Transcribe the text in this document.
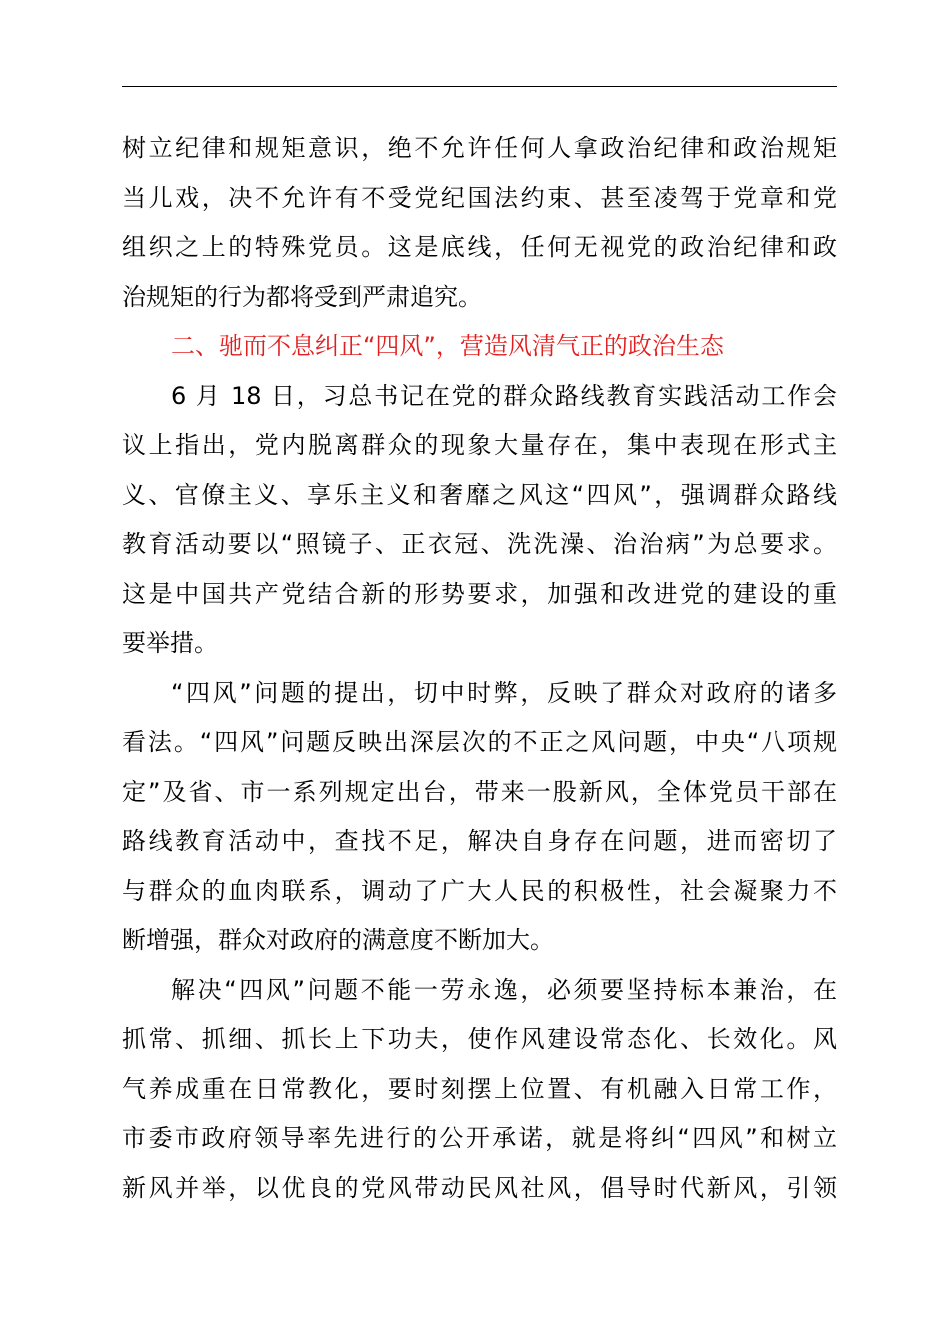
树立纪律和规矩意识，绝不允许任何人拿政治纪律和政治规矩
当儿戏，决不允许有不受党纪国法约束、甚至凌驾于党章和党
组织之上的特殊党员。这是底线，任何无视党的政治纪律和政
治规矩的行为都将受到严肃追究。
二、驰而不息纠正“四风”，营造风清气正的政治生态
6 月 18 日，习总书记在党的群众路线教育实践活动工作会
议上指出，党内脱离群众的现象大量存在，集中表现在形式主
义、官僚主义、享乐主义和奢靡之风这“四风”，强调群众路线
教育活动要以“照镜子、正衣冠、洗洗澡、治治病”为总要求。
这是中国共产党结合新的形势要求，加强和改进党的建设的重
要举措。
“四风”问题的提出，切中时弊，反映了群众对政府的诸多
看法。“四风”问题反映出深层次的不正之风问题，中央“八项规
定”及省、市一系列规定出台，带来一股新风，全体党员干部在
路线教育活动中，查找不足，解决自身存在问题，进而密切了
与群众的血肉联系，调动了广大人民的积极性，社会凝聚力不
断增强，群众对政府的满意度不断加大。
解决“四风”问题不能一劳永逸，必须要坚持标本兼治，在
抓常、抓细、抓长上下功夫，使作风建设常态化、长效化。风
气养成重在日常教化，要时刻摆上位置、有机融入日常工作，
市委市政府领导率先进行的公开承诺，就是将纠“四风”和树立
新风并举，以优良的党风带动民风社风，倡导时代新风，引领
